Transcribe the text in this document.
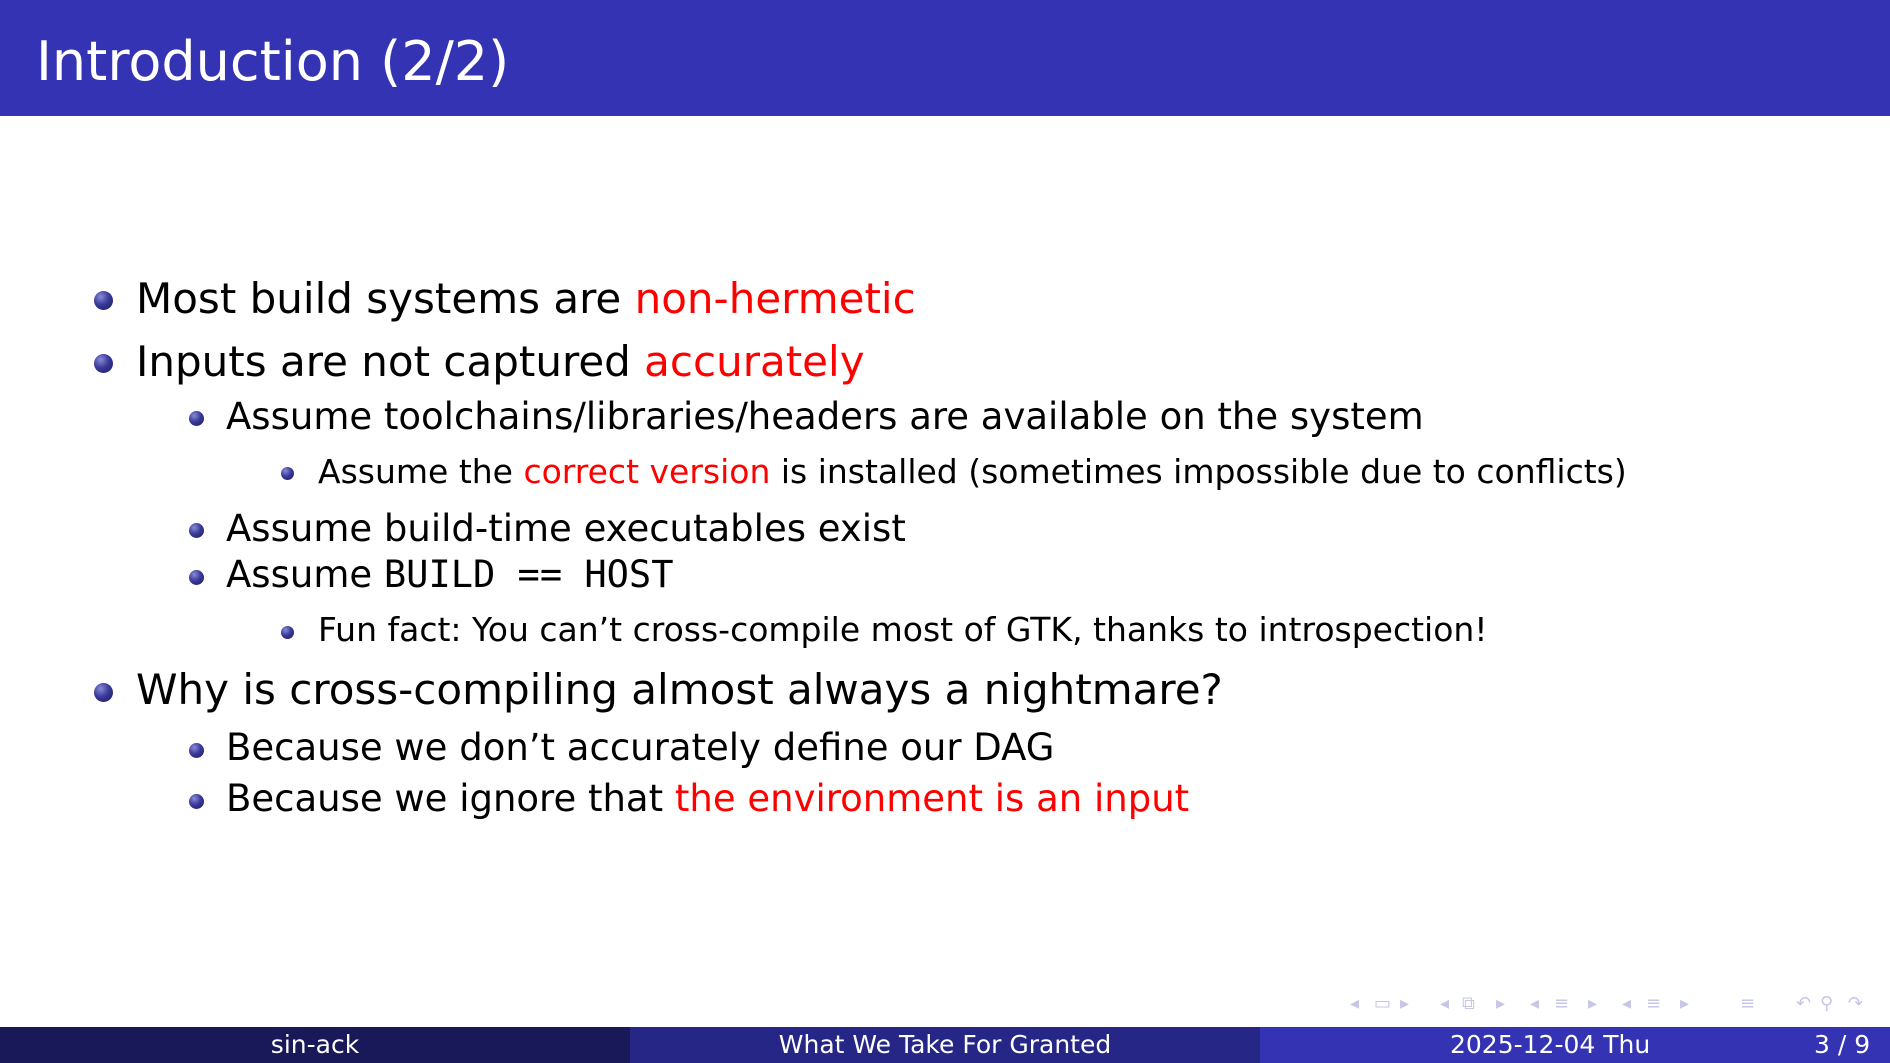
Introduction (2/2)
Most build systems are non-hermetic
Inputs are not captured accurately
Assume toolchains/libraries/headers are available on the system
Assume the correct version is installed (sometimes impossible due to conflicts)
Assume build-time executables exist
Assume BUILD == HOST
Fun fact: You can’t cross-compile most of GTK, thanks to introspection!
Why is cross-compiling almost always a nightmare?
Because we don’t accurately define our DAG
Because we ignore that the environment is an input
◂ ▭ ▸ ◂ ⧉ ▸ ◂ ≡ ▸ ◂ ≡ ▸	≡ ↶ ⚲ ↷
sin-ack	What We Take For Granted	2025-12-04 Thu	3 / 9
